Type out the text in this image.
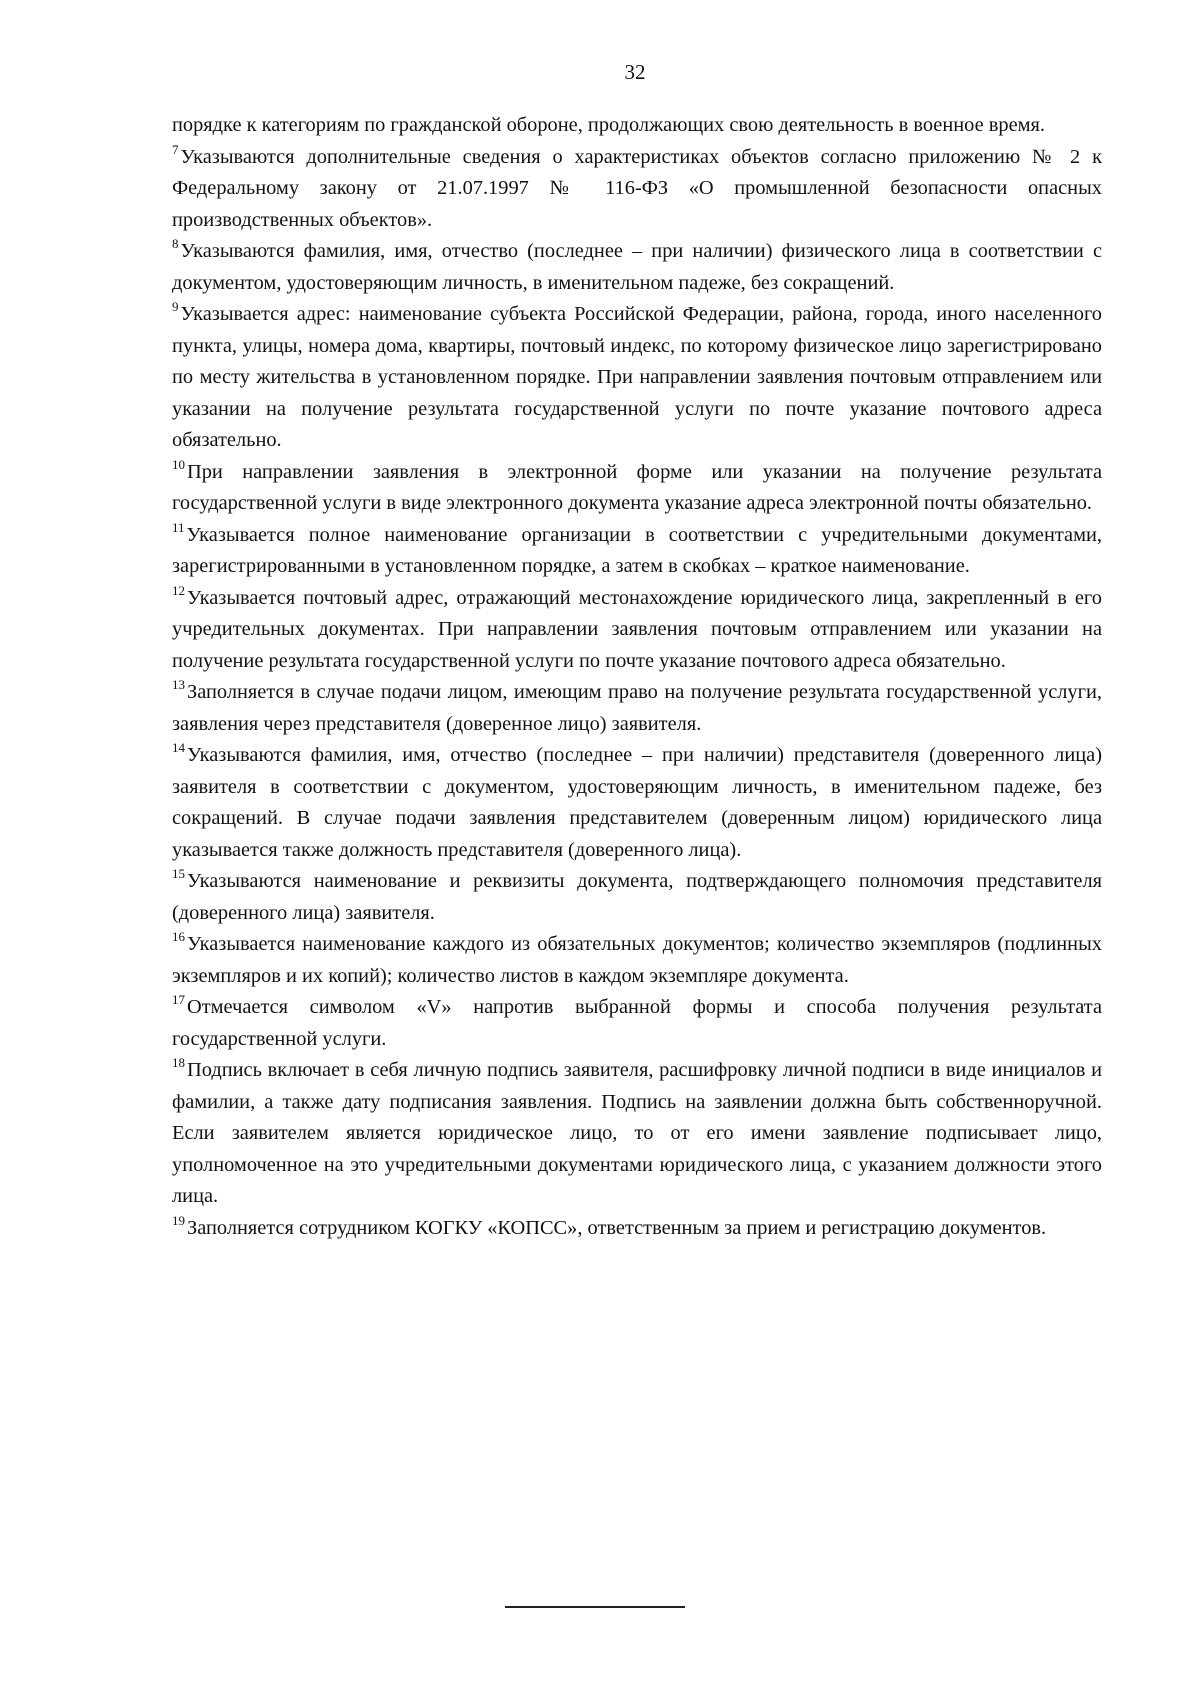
32

порядке к категориям по гражданской обороне, продолжающих свою деятельность в военное время.

$^7$Указываются дополнительные сведения о характеристиках объектов согласно приложению № 2 к Федеральному закону от 21.07.1997 № 116-ФЗ «О промышленной безопасности опасных производственных объектов».

$^8$Указываются фамилия, имя, отчество (последнее – при наличии) физического лица в соответствии с документом, удостоверяющим личность, в именительном падеже, без сокращений.

$^9$Указывается адрес: наименование субъекта Российской Федерации, района, города, иного населенного пункта, улицы, номера дома, квартиры, почтовый индекс, по которому физическое лицо зарегистрировано по месту жительства в установленном порядке. При направлении заявления почтовым отправлением или указании на получение результата государственной услуги по почте указание почтового адреса обязательно.

$^{10}$При направлении заявления в электронной форме или указании на получение результата государственной услуги в виде электронного документа указание адреса электронной почты обязательно.

$^{11}$Указывается полное наименование организации в соответствии с учредительными документами, зарегистрированными в установленном порядке, а затем в скобках – краткое наименование.

$^{12}$Указывается почтовый адрес, отражающий местонахождение юридического лица, закрепленный в его учредительных документах. При направлении заявления почтовым отправлением или указании на получение результата государственной услуги по почте указание почтового адреса обязательно.

$^{13}$Заполняется в случае подачи лицом, имеющим право на получение результата государственной услуги, заявления через представителя (доверенное лицо) заявителя.

$^{14}$Указываются фамилия, имя, отчество (последнее – при наличии) представителя (доверенного лица) заявителя в соответствии с документом, удостоверяющим личность, в именительном падеже, без сокращений. В случае подачи заявления представителем (доверенным лицом) юридического лица указывается также должность представителя (доверенного лица).

$^{15}$Указываются наименование и реквизиты документа, подтверждающего полномочия представителя (доверенного лица) заявителя.

$^{16}$Указывается наименование каждого из обязательных документов; количество экземпляров (подлинных экземпляров и их копий); количество листов в каждом экземпляре документа.

$^{17}$Отмечается символом «V» напротив выбранной формы и способа получения результата государственной услуги.

$^{18}$Подпись включает в себя личную подпись заявителя, расшифровку личной подписи в виде инициалов и фамилии, а также дату подписания заявления. Подпись на заявлении должна быть собственноручной. Если заявителем является юридическое лицо, то от его имени заявление подписывает лицо, уполномоченное на это учредительными документами юридического лица, с указанием должности этого лица.

$^{19}$Заполняется сотрудником КОГКУ «КОПСС», ответственным за прием и регистрацию документов.
